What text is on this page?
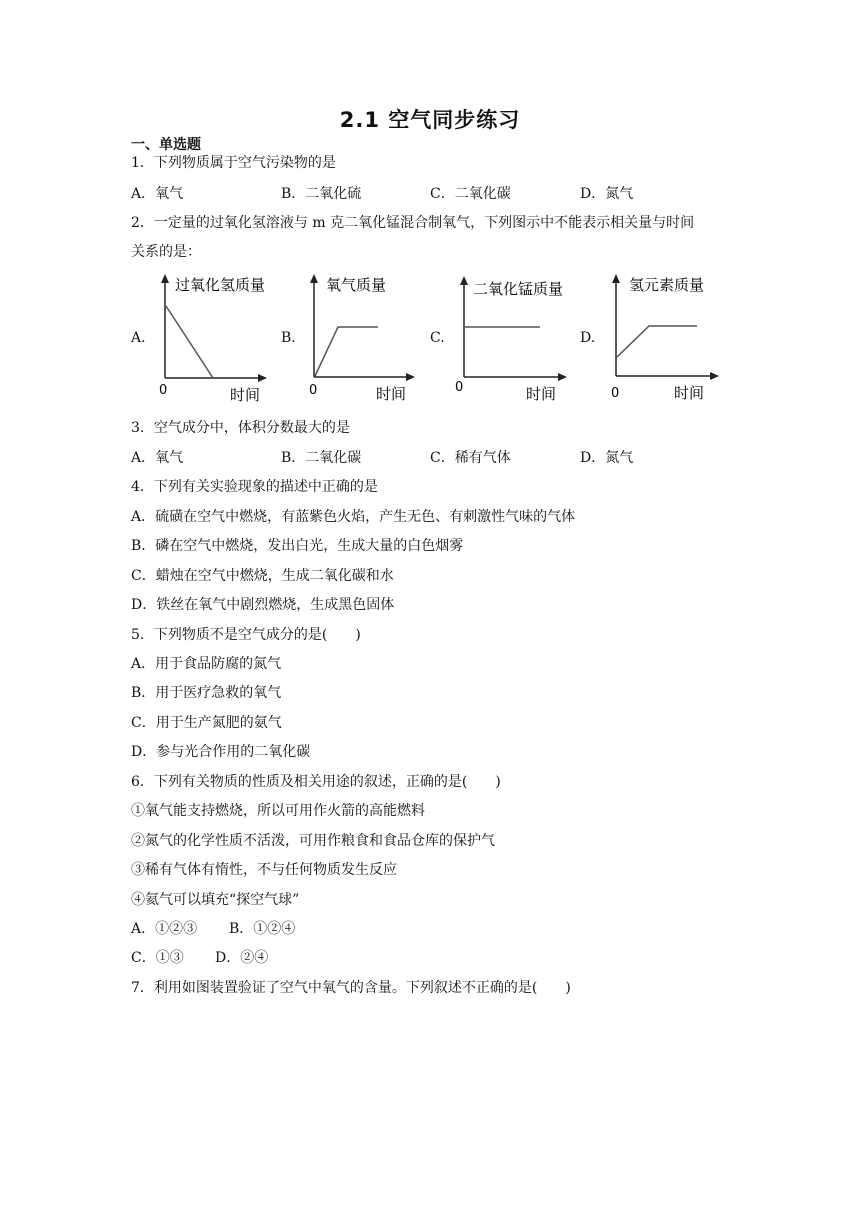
2.1 空气同步练习
一、单选题
1．下列物质属于空气污染物的是
A．氧气	B．二氧化硫	C．二氧化碳	D．氮气
2．一定量的过氧化氢溶液与 m 克二氧化锰混合制氧气，下列图示中不能表示相关量与时间
关系的是：
A.
过氧化氢质量
0	时间
B.
氧气质量
0	时间
C.
二氧化锰质量
0	时间
D.
氢元素质量
0	时间
3．空气成分中，体积分数最大的是
A．氧气	B．二氧化碳	C．稀有气体	D．氮气
4．下列有关实验现象的描述中正确的是
A．硫磺在空气中燃烧，有蓝紫色火焰，产生无色、有刺激性气味的气体
B．磷在空气中燃烧，发出白光，生成大量的白色烟雾
C．蜡烛在空气中燃烧，生成二氧化碳和水
D．铁丝在氧气中剧烈燃烧，生成黑色固体
5．下列物质不是空气成分的是(　　)
A．用于食品防腐的氮气
B．用于医疗急救的氧气
C．用于生产氮肥的氨气
D．参与光合作用的二氧化碳
6．下列有关物质的性质及相关用途的叙述，正确的是(　　)
①氧气能支持燃烧，所以可用作火箭的高能燃料
②氮气的化学性质不活泼，可用作粮食和食品仓库的保护气
③稀有气体有惰性，不与任何物质发生反应
④氦气可以填充“探空气球”
A．①②③ B．①②④
C．①③ D．②④
7．利用如图装置验证了空气中氧气的含量。下列叙述不正确的是(　　)
